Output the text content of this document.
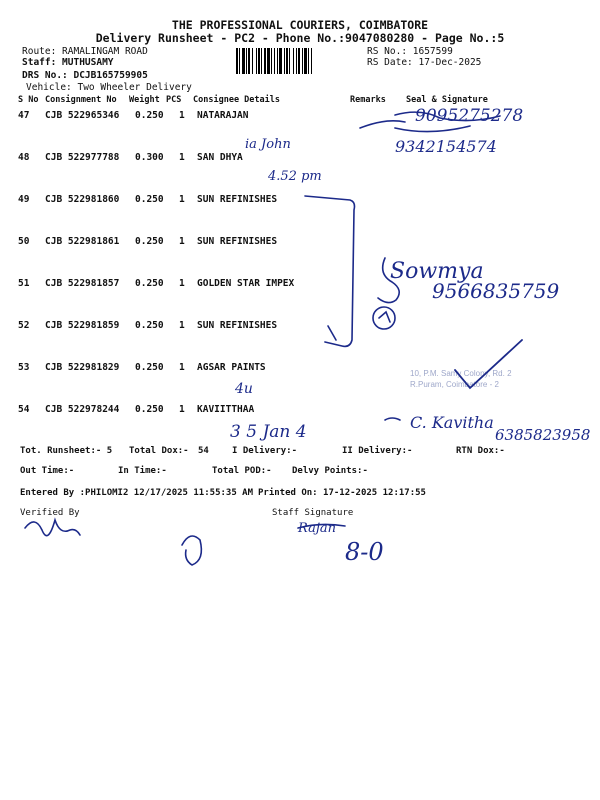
THE PROFESSIONAL COURIERS, COIMBATORE
Delivery Runsheet - PC2 - Phone No.:9047080280 - Page No.:5
Route: RAMALINGAM ROAD
Staff: MUTHUSAMY
DRS No.: DCJB165759905
Vehicle: Two Wheeler Delivery
RS No.: 1657599
RS Date: 17-Dec-2025
S No Consignment No Weight PCS Consignee Details	Remarks Seal & Signature
47 CJB 522965346 0.250 1 NATARAJAN
48 CJB 522977788 0.300 1 SAN DHYA
49 CJB 522981860 0.250 1 SUN REFINISHES
50 CJB 522981861 0.250 1 SUN REFINISHES
51 CJB 522981857 0.250 1 GOLDEN STAR IMPEX
52 CJB 522981859 0.250 1 SUN REFINISHES
53 CJB 522981829 0.250 1 AGSAR PAINTS
54 CJB 522978244 0.250 1 KAVIITTHAA
Tot. Runsheet:- 5 Total Dox:- 54	I Delivery:-	II Delivery:-	RTN Dox:-
Out Time:-	In Time:-	Total POD:- Delvy Points:-
Entered By :PHILOMI2 12/17/2025 11:55:35 AM Printed On: 17-12-2025 12:17:55
Verified By	Staff Signature
10, P.M. Samy Colony, Rd. 2
R.Puram, Coimbatore - 2
9095275278
9342154574
ia John
4.52 pm
Sowmya
9566835759
4u
3 5 Jan 4	C. Kavitha
6385823958
Rajan
8-0
